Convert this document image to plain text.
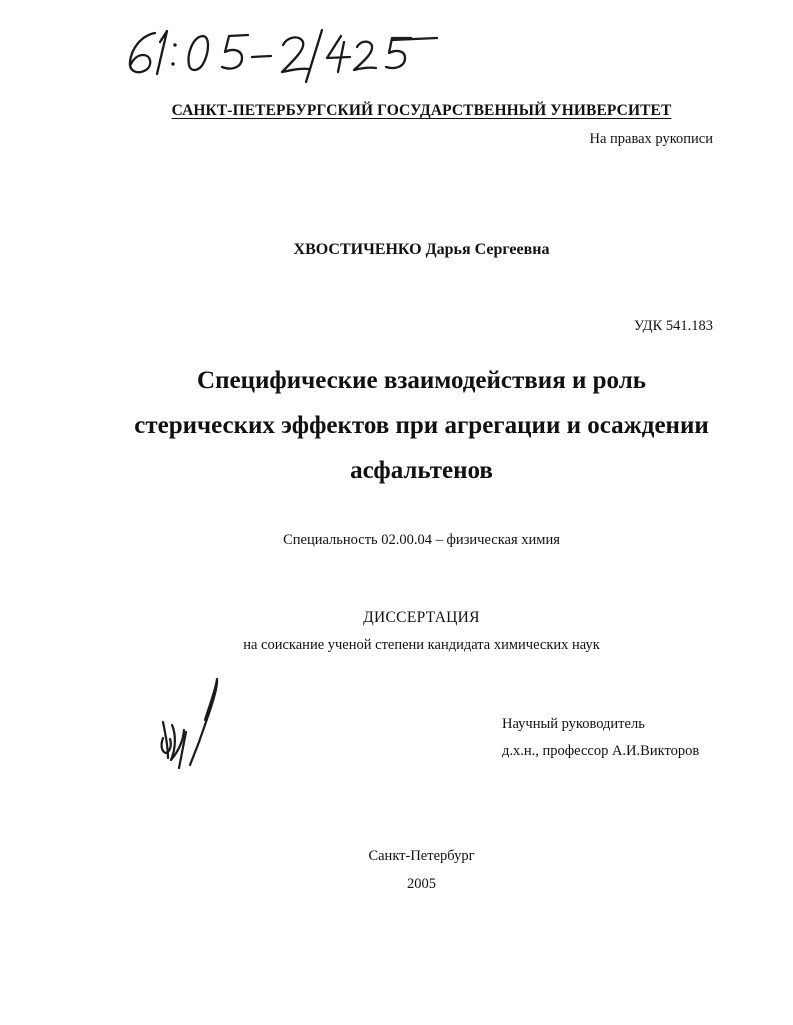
САНКТ-ПЕТЕРБУРГСКИЙ ГОСУДАРСТВЕННЫЙ УНИВЕРСИТЕТ
На правах рукописи
ХВОСТИЧЕНКО Дарья Сергеевна
УДК 541.183
Специфические взаимодействия и роль
стерических эффектов при агрегации и осаждении
асфальтенов
Специальность 02.00.04 – физическая химия
ДИССЕРТАЦИЯ
на соискание ученой степени кандидата химических наук
Научный руководитель
д.х.н., профессор А.И.Викторов
Санкт-Петербург
2005
